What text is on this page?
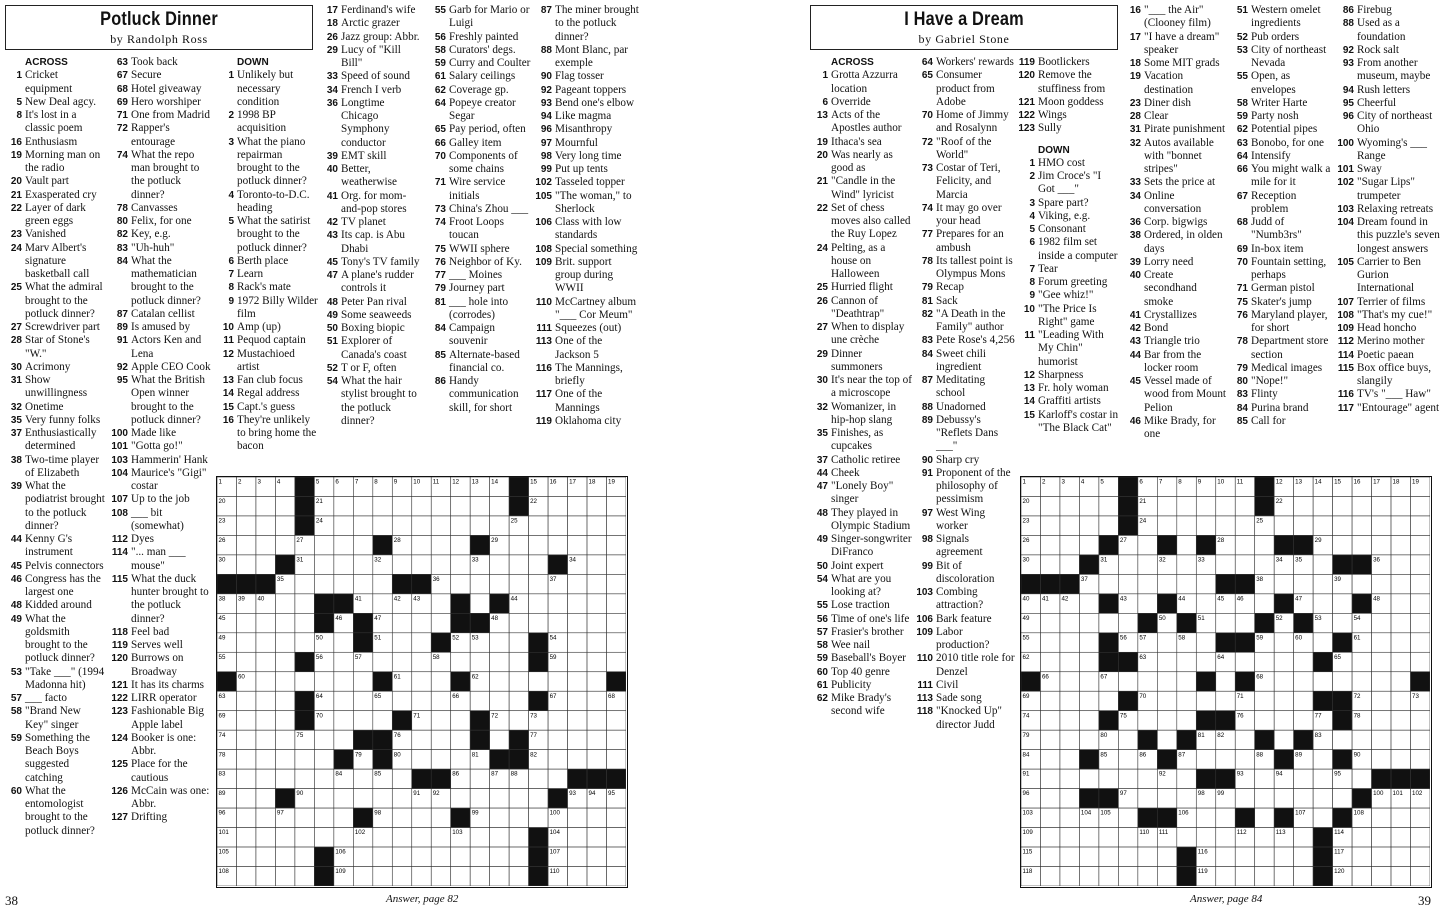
Potluck Dinner
by Randolph Ross
ACROSS
1 Cricket equipment
5 New Deal agcy.
8 It's lost in a classic poem
16 Enthusiasm
19 Morning man on the radio
20 Vault part
21 Exasperated cry
22 Layer of dark green eggs
23 Vanished
24 Marv Albert's signature basketball call
25 What the admiral brought to the potluck dinner?
27 Screwdriver part
28 Star of Stone's "W."
30 Acrimony
31 Show unwillingness
32 Onetime
35 Very funny folks
37 Enthusiastically determined
38 Two-time player of Elizabeth
39 What the podiatrist brought to the potluck dinner?
44 Kenny G's instrument
45 Pelvis connectors
46 Congress has the largest one
48 Kidded around
49 What the goldsmith brought to the potluck dinner?
53 "Take ___" (1994 Madonna hit)
57 ___ facto
58 "Brand New Key" singer
59 Something the Beach Boys suggested catching
60 What the entomologist brought to the potluck dinner?
63 Took back
67 Secure
68 Hotel giveaway
69 Hero worshiper
71 One from Madrid
72 Rapper's entourage
74 What the repo man brought to the potluck dinner?
78 Canvasses
80 Felix, for one
82 Key, e.g.
83 "Uh-huh"
84 What the mathematician brought to the potluck dinner?
87 Catalan cellist
89 Is amused by
91 Actors Ken and Lena
92 Apple CEO Cook
95 What the British Open winner brought to the potluck dinner?
100 Made like
101 "Gotta go!"
103 Hammerin' Hank
104 Maurice's "Gigi" costar
107 Up to the job
108 ___ bit (somewhat)
112 Dyes
114 "... man ___ mouse"
115 What the duck hunter brought to the potluck dinner?
118 Feel bad
119 Serves well
120 Burrows on Broadway
121 It has its charms
122 LIRR operator
123 Fashionable Big Apple label
124 Booker is one: Abbr.
125 Place for the cautious
126 McCain was one: Abbr.
127 Drifting
DOWN
1 Unlikely but necessary condition
2 1998 BP acquisition
3 What the piano repairman brought to the potluck dinner?
4 Toronto-to-D.C. heading
5 What the satirist brought to the potluck dinner?
6 Berth place
7 Learn
8 Rack's mate
9 1972 Billy Wilder film
10 Amp (up)
11 Pequod captain
12 Mustachioed artist
13 Fan club focus
14 Regal address
15 Capt.'s guess
16 They're unlikely to bring home the bacon
17 Ferdinand's wife
18 Arctic grazer
26 Jazz group: Abbr.
29 Lucy of "Kill Bill"
33 Speed of sound
34 French I verb
36 Longtime Chicago Symphony conductor
39 EMT skill
40 Better, weatherwise
41 Org. for mom-and-pop stores
42 TV planet
43 Its cap. is Abu Dhabi
45 Tony's TV family
47 A plane's rudder controls it
48 Peter Pan rival
49 Some seaweeds
50 Boxing biopic
51 Explorer of Canada's coast
52 T or F, often
54 What the hair stylist brought to the potluck dinner?
55 Garb for Mario or Luigi
56 Freshly painted
58 Curators' degs.
59 Curry and Coulter
61 Salary ceilings
62 Coverage gp.
64 Popeye creator Segar
65 Pay period, often
66 Galley item
70 Components of some chains
71 Wire service initials
73 China's Zhou ___
74 Froot Loops toucan
75 WWII sphere
76 Neighbor of Ky.
77 ___ Moines
79 Journey part
81 ___ hole into (corrodes)
84 Campaign souvenir
85 Alternate-based financial co.
86 Handy communication skill, for short
87 The miner brought to the potluck dinner?
88 Mont Blanc, par exemple
90 Flag tosser
92 Pageant toppers
93 Bend one's elbow
94 Like magma
96 Misanthropy
97 Mournful
98 Very long time
99 Put up tents
102 Tasseled topper
105 "The woman," to Sherlock
106 Class with low standards
108 Special something
109 Brit. support group during WWII
110 McCartney album "___ Cor Meum"
111 Squeezes (out)
113 One of the Jackson 5
116 The Mannings, briefly
117 One of the Mannings
119 Oklahoma city
1	2	3	4	5	6	7	8	9	10 11 12 13 14	15 16 17 18 19
20	21	22
23	24	25
26	27	28	29
30	31	32	33	34
35	36	37
38 39 40	41	42 43	44
45	46	47	48
49	50	51	52 53	54
55	56	57	58	59
60	61	62
63	64	65	66	67	68
69	70	71	72	73
74	75	76	77
78	79	80	81	82
83	84	85	86	87 88
89	90	91 92	93 94 95
96	97	98	99	100
101	102	103	104
105	106	107
108	109	110
38	Answer, page 82
I Have a Dream
by Gabriel Stone
ACROSS
1 Grotta Azzurra location
6 Override
13 Acts of the Apostles author
19 Ithaca's sea
20 Was nearly as good as
21 "Candle in the Wind" lyricist
22 Set of chess moves also called the Ruy Lopez
24 Pelting, as a house on Halloween
25 Hurried flight
26 Cannon of "Deathtrap"
27 When to display une crèche
29 Dinner summoners
30 It's near the top of a microscope
32 Womanizer, in hip-hop slang
35 Finishes, as cupcakes
37 Catholic retiree
44 Cheek
47 "Lonely Boy" singer
48 They played in Olympic Stadium
49 Singer-songwriter DiFranco
50 Joint expert
54 What are you looking at?
55 Lose traction
56 Time of one's life
57 Frasier's brother
58 Wee nail
59 Baseball's Boyer
60 Top 40 genre
61 Publicity
62 Mike Brady's second wife
64 Workers' rewards
65 Consumer product from Adobe
70 Home of Jimmy and Rosalynn
72 "Roof of the World"
73 Costar of Teri, Felicity, and Marcia
74 It may go over your head
77 Prepares for an ambush
78 Its tallest point is Olympus Mons
79 Recap
81 Sack
82 "A Death in the Family" author
83 Pete Rose's 4,256
84 Sweet chili ingredient
87 Meditating school
88 Unadorned
89 Debussy's "Reflets Dans ___"
90 Sharp cry
91 Proponent of the philosophy of pessimism
97 West Wing worker
98 Signals agreement
99 Bit of discoloration
103 Combing attraction?
106 Bark feature
109 Labor production?
110 2010 title role for Denzel
111 Civil
113 Sade song
118 "Knocked Up" director Judd
119 Bootlickers
120 Remove the stuffiness from
121 Moon goddess
122 Wings
123 Sully
DOWN
1 HMO cost
2 Jim Croce's "I Got ___"
3 Spare part?
4 Viking, e.g.
5 Consonant
6 1982 film set inside a computer
7 Tear
8 Forum greeting
9 "Gee whiz!"
10 "The Price Is Right" game
11 "Leading With My Chin" humorist
12 Sharpness
13 Fr. holy woman
14 Graffiti artists
15 Karloff's costar in "The Black Cat"
16 "___ the Air" (Clooney film)
17 "I have a dream" speaker
18 Some MIT grads
19 Vacation destination
23 Diner dish
28 Clear
31 Pirate punishment
32 Autos available with "bonnet stripes"
33 Sets the price at
34 Online conversation
36 Corp. bigwigs
38 Ordered, in olden days
39 Lorry need
40 Create secondhand smoke
41 Crystallizes
42 Bond
43 Triangle trio
44 Bar from the locker room
45 Vessel made of wood from Mount Pelion
46 Mike Brady, for one
51 Western omelet ingredients
52 Pub orders
53 City of northeast Nevada
55 Open, as envelopes
58 Writer Harte
59 Party nosh
62 Potential pipes
63 Bonobo, for one
64 Intensify
66 You might walk a mile for it
67 Reception problem
68 Judd of "Numb3rs"
69 In-box item
70 Fountain setting, perhaps
71 German pistol
75 Skater's jump
76 Maryland player, for short
78 Department store section
79 Medical images
80 "Nope!"
83 Flinty
84 Purina brand
85 Call for
86 Firebug
88 Used as a foundation
92 Rock salt
93 From another museum, maybe
94 Rush letters
95 Cheerful
96 City of northeast Ohio
100 Wyoming's ___ Range
101 Sway
102 "Sugar Lips" trumpeter
103 Relaxing retreats
104 Dream found in this puzzle's seven longest answers
105 Carrier to Ben Gurion International
107 Terrier of films
108 "That's my cue!"
109 Head honcho
112 Merino mother
114 Poetic paean
115 Box office buys, slangily
116 TV's "___ Haw"
117 "Entourage" agent
1	2	3	4	5	6	7	8	9	10 11	12 13 14 15 16 17 18 19
20	21	22
23	24	25
26	27	28	29
30	31	32	33	34 35	36
37	38	39
40 41 42	43	44	45 46	47	48
49	50	51	52	53	54
55	56 57	58	59	60	61
62	63	64	65
66	67	68
69	70	71	72	73
74	75	76	77	78
79	80	81 82	83
84	85	86	87	88	89	90
91	92	93	94	95
96	97	98 99	100 101 102
103	104 105	106	107	108
109	110 111	112	113	114
115	116	117
118	119	120
39
Answer, page 84
